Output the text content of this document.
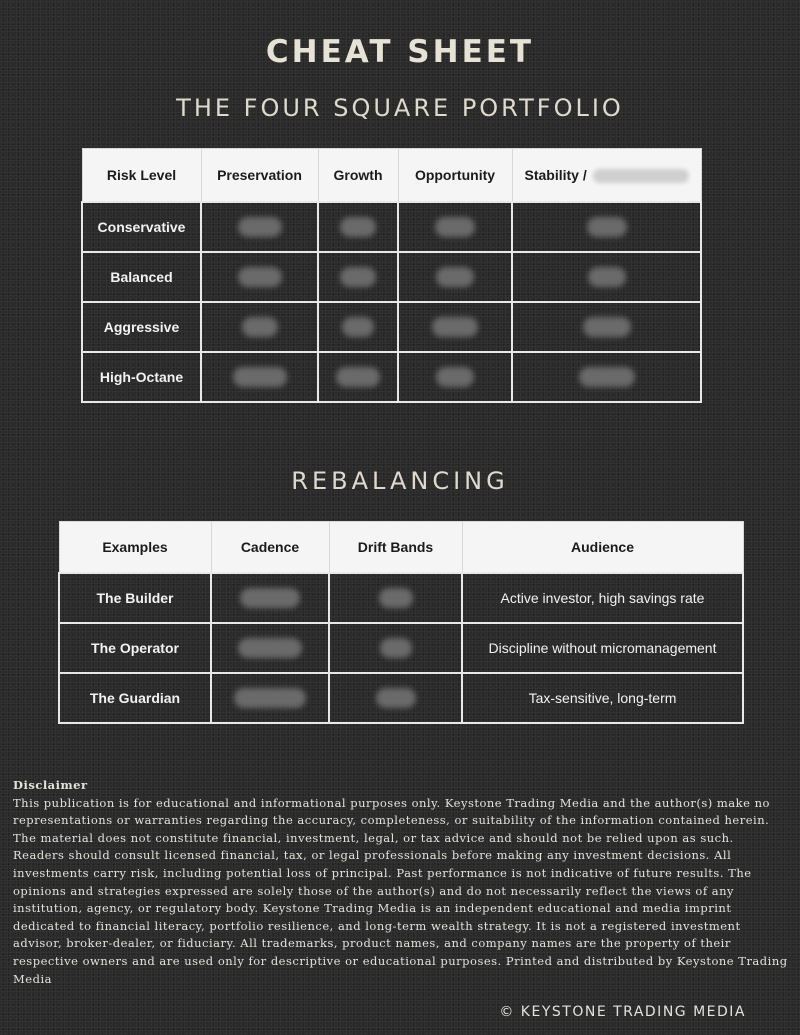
CHEAT SHEET
THE FOUR SQUARE PORTFOLIO
Risk Level	Preservation	Growth	Opportunity	Stability /
Conservative				
Balanced				
Aggressive				
High-Octane				
REBALANCING
Examples	Cadence	Drift Bands	Audience
The Builder			Active investor, high savings rate
The Operator			Discipline without micromanagement
The Guardian			Tax-sensitive, long-term
Disclaimer
This publication is for educational and informational purposes only. Keystone Trading Media and the author(s) make no representations or warranties regarding the accuracy, completeness, or suitability of the information contained herein. The material does not constitute financial, investment, legal, or tax advice and should not be relied upon as such. Readers should consult licensed financial, tax, or legal professionals before making any investment decisions. All investments carry risk, including potential loss of principal. Past performance is not indicative of future results. The opinions and strategies expressed are solely those of the author(s) and do not necessarily reflect the views of any institution, agency, or regulatory body. Keystone Trading Media is an independent educational and media imprint dedicated to financial literacy, portfolio resilience, and long-term wealth strategy. It is not a registered investment advisor, broker-dealer, or fiduciary. All trademarks, product names, and company names are the property of their respective owners and are used only for descriptive or educational purposes. Printed and distributed by Keystone Trading Media
© KEYSTONE TRADING MEDIA
